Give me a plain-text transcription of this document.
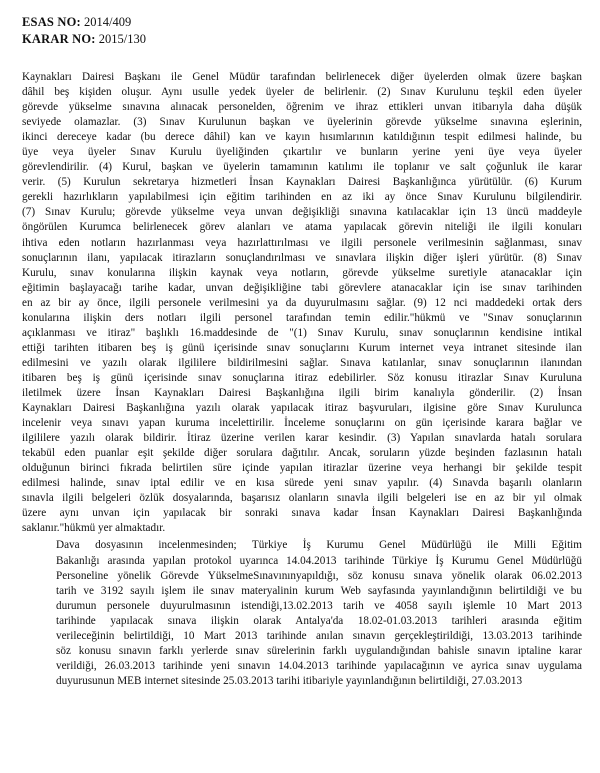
ESAS NO: 2014/409
KARAR NO: 2015/130
Kaynakları Dairesi Başkanı ile Genel Müdür tarafından belirlenecek diğer üyelerden olmak üzere başkan
dâhil beş kişiden oluşur. Aynı usulle yedek üyeler de belirlenir. (2) Sınav Kurulunu teşkil eden üyeler
görevde yükselme sınavına alınacak personelden, öğrenim ve ihraz ettikleri unvan itibarıyla daha düşük
seviyede olamazlar. (3) Sınav Kurulunun başkan ve üyelerinin görevde yükselme sınavına eşlerinin,
ikinci dereceye kadar (bu derece dâhil) kan ve kayın hısımlarının katıldığının tespit edilmesi halinde, bu
üye veya üyeler Sınav Kurulu üyeliğinden çıkartılır ve bunların yerine yeni üye veya üyeler
görevlendirilir. (4) Kurul, başkan ve üyelerin tamamının katılımı ile toplanır ve salt çoğunluk ile karar
verir. (5) Kurulun sekretarya hizmetleri İnsan Kaynakları Dairesi Başkanlığınca yürütülür. (6) Kurum
gerekli hazırlıkların yapılabilmesi için eğitim tarihinden en az iki ay önce Sınav Kurulunu bilgilendirir.
(7) Sınav Kurulu; görevde yükselme veya unvan değişikliği sınavına katılacaklar için 13 üncü maddeyle
öngörülen Kurumca belirlenecek görev alanları ve atama yapılacak görevin niteliği ile ilgili konuları
ihtiva eden notların hazırlanması veya hazırlattırılması ve ilgili personele verilmesinin sağlanması, sınav
sonuçlarının ilanı, yapılacak itirazların sonuçlandırılması ve sınavlara ilişkin diğer işleri yürütür. (8) Sınav
Kurulu, sınav konularına ilişkin kaynak veya notların, görevde yükselme suretiyle atanacaklar için
eğitimin başlayacağı tarihe kadar, unvan değişikliğine tabi görevlere atanacaklar için ise sınav tarihinden
en az bir ay önce, ilgili personele verilmesini ya da duyurulmasını sağlar. (9) 12 nci maddedeki ortak ders
konularına ilişkin ders notları ilgili personel tarafından temin edilir."hükmü ve "Sınav sonuçlarının
açıklanması ve itiraz" başlıklı 16.maddesinde de "(1) Sınav Kurulu, sınav sonuçlarının kendisine intikal
ettiği tarihten itibaren beş iş günü içerisinde sınav sonuçlarını Kurum internet veya intranet sitesinde ilan
edilmesini ve yazılı olarak ilgililere bildirilmesini sağlar. Sınava katılanlar, sınav sonuçlarının ilanından
itibaren beş iş günü içerisinde sınav sonuçlarına itiraz edebilirler. Söz konusu itirazlar Sınav Kuruluna
iletilmek üzere İnsan Kaynakları Dairesi Başkanlığına ilgili birim kanalıyla gönderilir. (2) İnsan
Kaynakları Dairesi Başkanlığına yazılı olarak yapılacak itiraz başvuruları, ilgisine göre Sınav Kurulunca
incelenir veya sınavı yapan kuruma incelettirilir. İnceleme sonuçlarını on gün içerisinde karara bağlar ve
ilgililere yazılı olarak bildirir. İtiraz üzerine verilen karar kesindir. (3) Yapılan sınavlarda hatalı sorulara
tekabül eden puanlar eşit şekilde diğer sorulara dağıtılır. Ancak, soruların yüzde beşinden fazlasının hatalı
olduğunun birinci fıkrada belirtilen süre içinde yapılan itirazlar üzerine veya herhangi bir şekilde tespit
edilmesi halinde, sınav iptal edilir ve en kısa sürede yeni sınav yapılır. (4) Sınavda başarılı olanların
sınavla ilgili belgeleri özlük dosyalarında, başarısız olanların sınavla ilgili belgeleri ise en az bir yıl olmak
üzere aynı unvan için yapılacak bir sonraki sınava kadar İnsan Kaynakları Dairesi Başkanlığında
saklanır."hükmü yer almaktadır.
Dava dosyasının incelenmesinden; Türkiye İş Kurumu Genel Müdürlüğü ile Milli Eğitim
Bakanlığı arasında yapılan protokol uyarınca 14.04.2013 tarihinde Türkiye İş Kurumu Genel Müdürlüğü
Personeline yönelik Görevde YükselmeSınavınınyapıldığı, söz konusu sınava yönelik olarak 06.02.2013
tarih ve 3192 sayılı işlem ile sınav materyalinin kurum Web sayfasında yayınlandığının belirtildiği ve bu
durumun personele duyurulmasının istendiği,13.02.2013 tarih ve 4058 sayılı işlemle 10 Mart 2013
tarihinde yapılacak sınava ilişkin olarak Antalya'da 18.02-01.03.2013 tarihleri arasında eğitim
verileceğinin belirtildiği, 10 Mart 2013 tarihinde anılan sınavın gerçekleştirildiği, 13.03.2013 tarihinde
söz konusu sınavın farklı yerlerde sınav sürelerinin farklı uygulandığından bahisle sınavın iptaline karar
verildiği, 26.03.2013 tarihinde yeni sınavın 14.04.2013 tarihinde yapılacağının ve ayrica sınav uygulama
duyurusunun MEB internet sitesinde 25.03.2013 tarihi itibariyle yayınlandığının belirtildiği, 27.03.2013
